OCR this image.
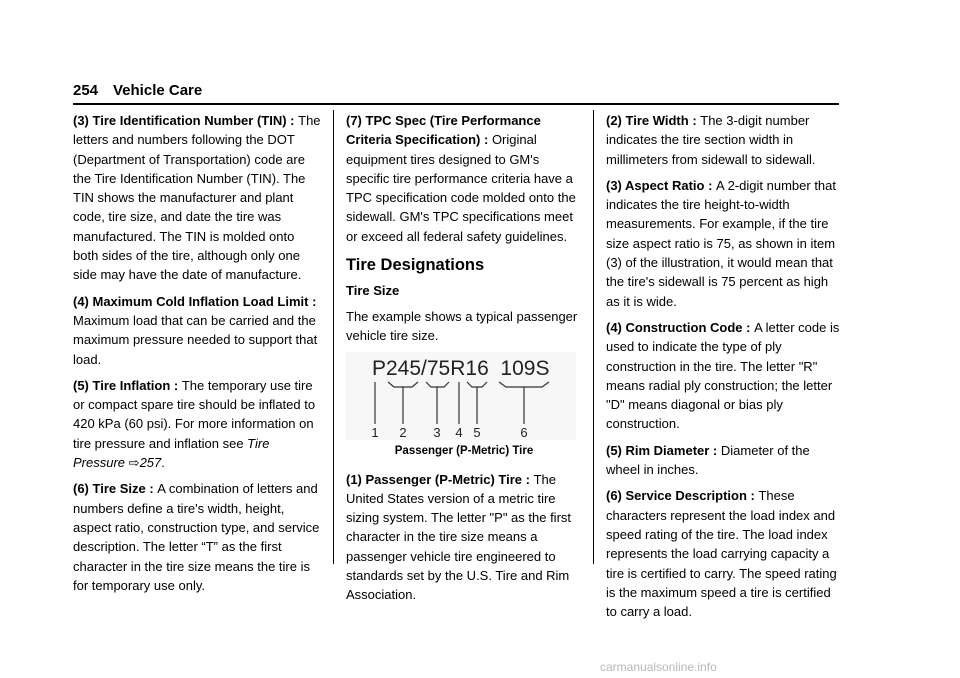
254 Vehicle Care

(3) Tire Identification Number (TIN) : The letters and numbers following the DOT (Department of Transportation) code are the Tire Identification Number (TIN). The TIN shows the manufacturer and plant code, tire size, and date the tire was manufactured. The TIN is molded onto both sides of the tire, although only one side may have the date of manufacture.

(4) Maximum Cold Inflation Load Limit : Maximum load that can be carried and the maximum pressure needed to support that load.

(5) Tire Inflation : The temporary use tire or compact spare tire should be inflated to 420 kPa (60 psi). For more information on tire pressure and inflation see Tire Pressure ⇨257.

(6) Tire Size : A combination of letters and numbers define a tire's width, height, aspect ratio, construction type, and service description. The letter “T” as the first character in the tire size means the tire is for temporary use only.

(7) TPC Spec (Tire Performance Criteria Specification) : Original equipment tires designed to GM's specific tire performance criteria have a TPC specification code molded onto the sidewall. GM's TPC specifications meet or exceed all federal safety guidelines.

Tire Designations
Tire Size

The example shows a typical passenger vehicle tire size.

P245/75R16  109S
1 2 3 4 5	6
Passenger (P-Metric) Tire

(1) Passenger (P-Metric) Tire : The United States version of a metric tire sizing system. The letter "P" as the first character in the tire size means a passenger vehicle tire engineered to standards set by the U.S. Tire and Rim Association.

(2) Tire Width : The 3-digit number indicates the tire section width in millimeters from sidewall to sidewall.

(3) Aspect Ratio : A 2-digit number that indicates the tire height-to-width measurements. For example, if the tire size aspect ratio is 75, as shown in item (3) of the illustration, it would mean that the tire's sidewall is 75 percent as high as it is wide.

(4) Construction Code : A letter code is used to indicate the type of ply construction in the tire. The letter "R" means radial ply construction; the letter "D" means diagonal or bias ply construction.

(5) Rim Diameter : Diameter of the wheel in inches.

(6) Service Description : These characters represent the load index and speed rating of the tire. The load index represents the load carrying capacity a tire is certified to carry. The speed rating is the maximum speed a tire is certified to carry a load.

carmanualsonline.info
